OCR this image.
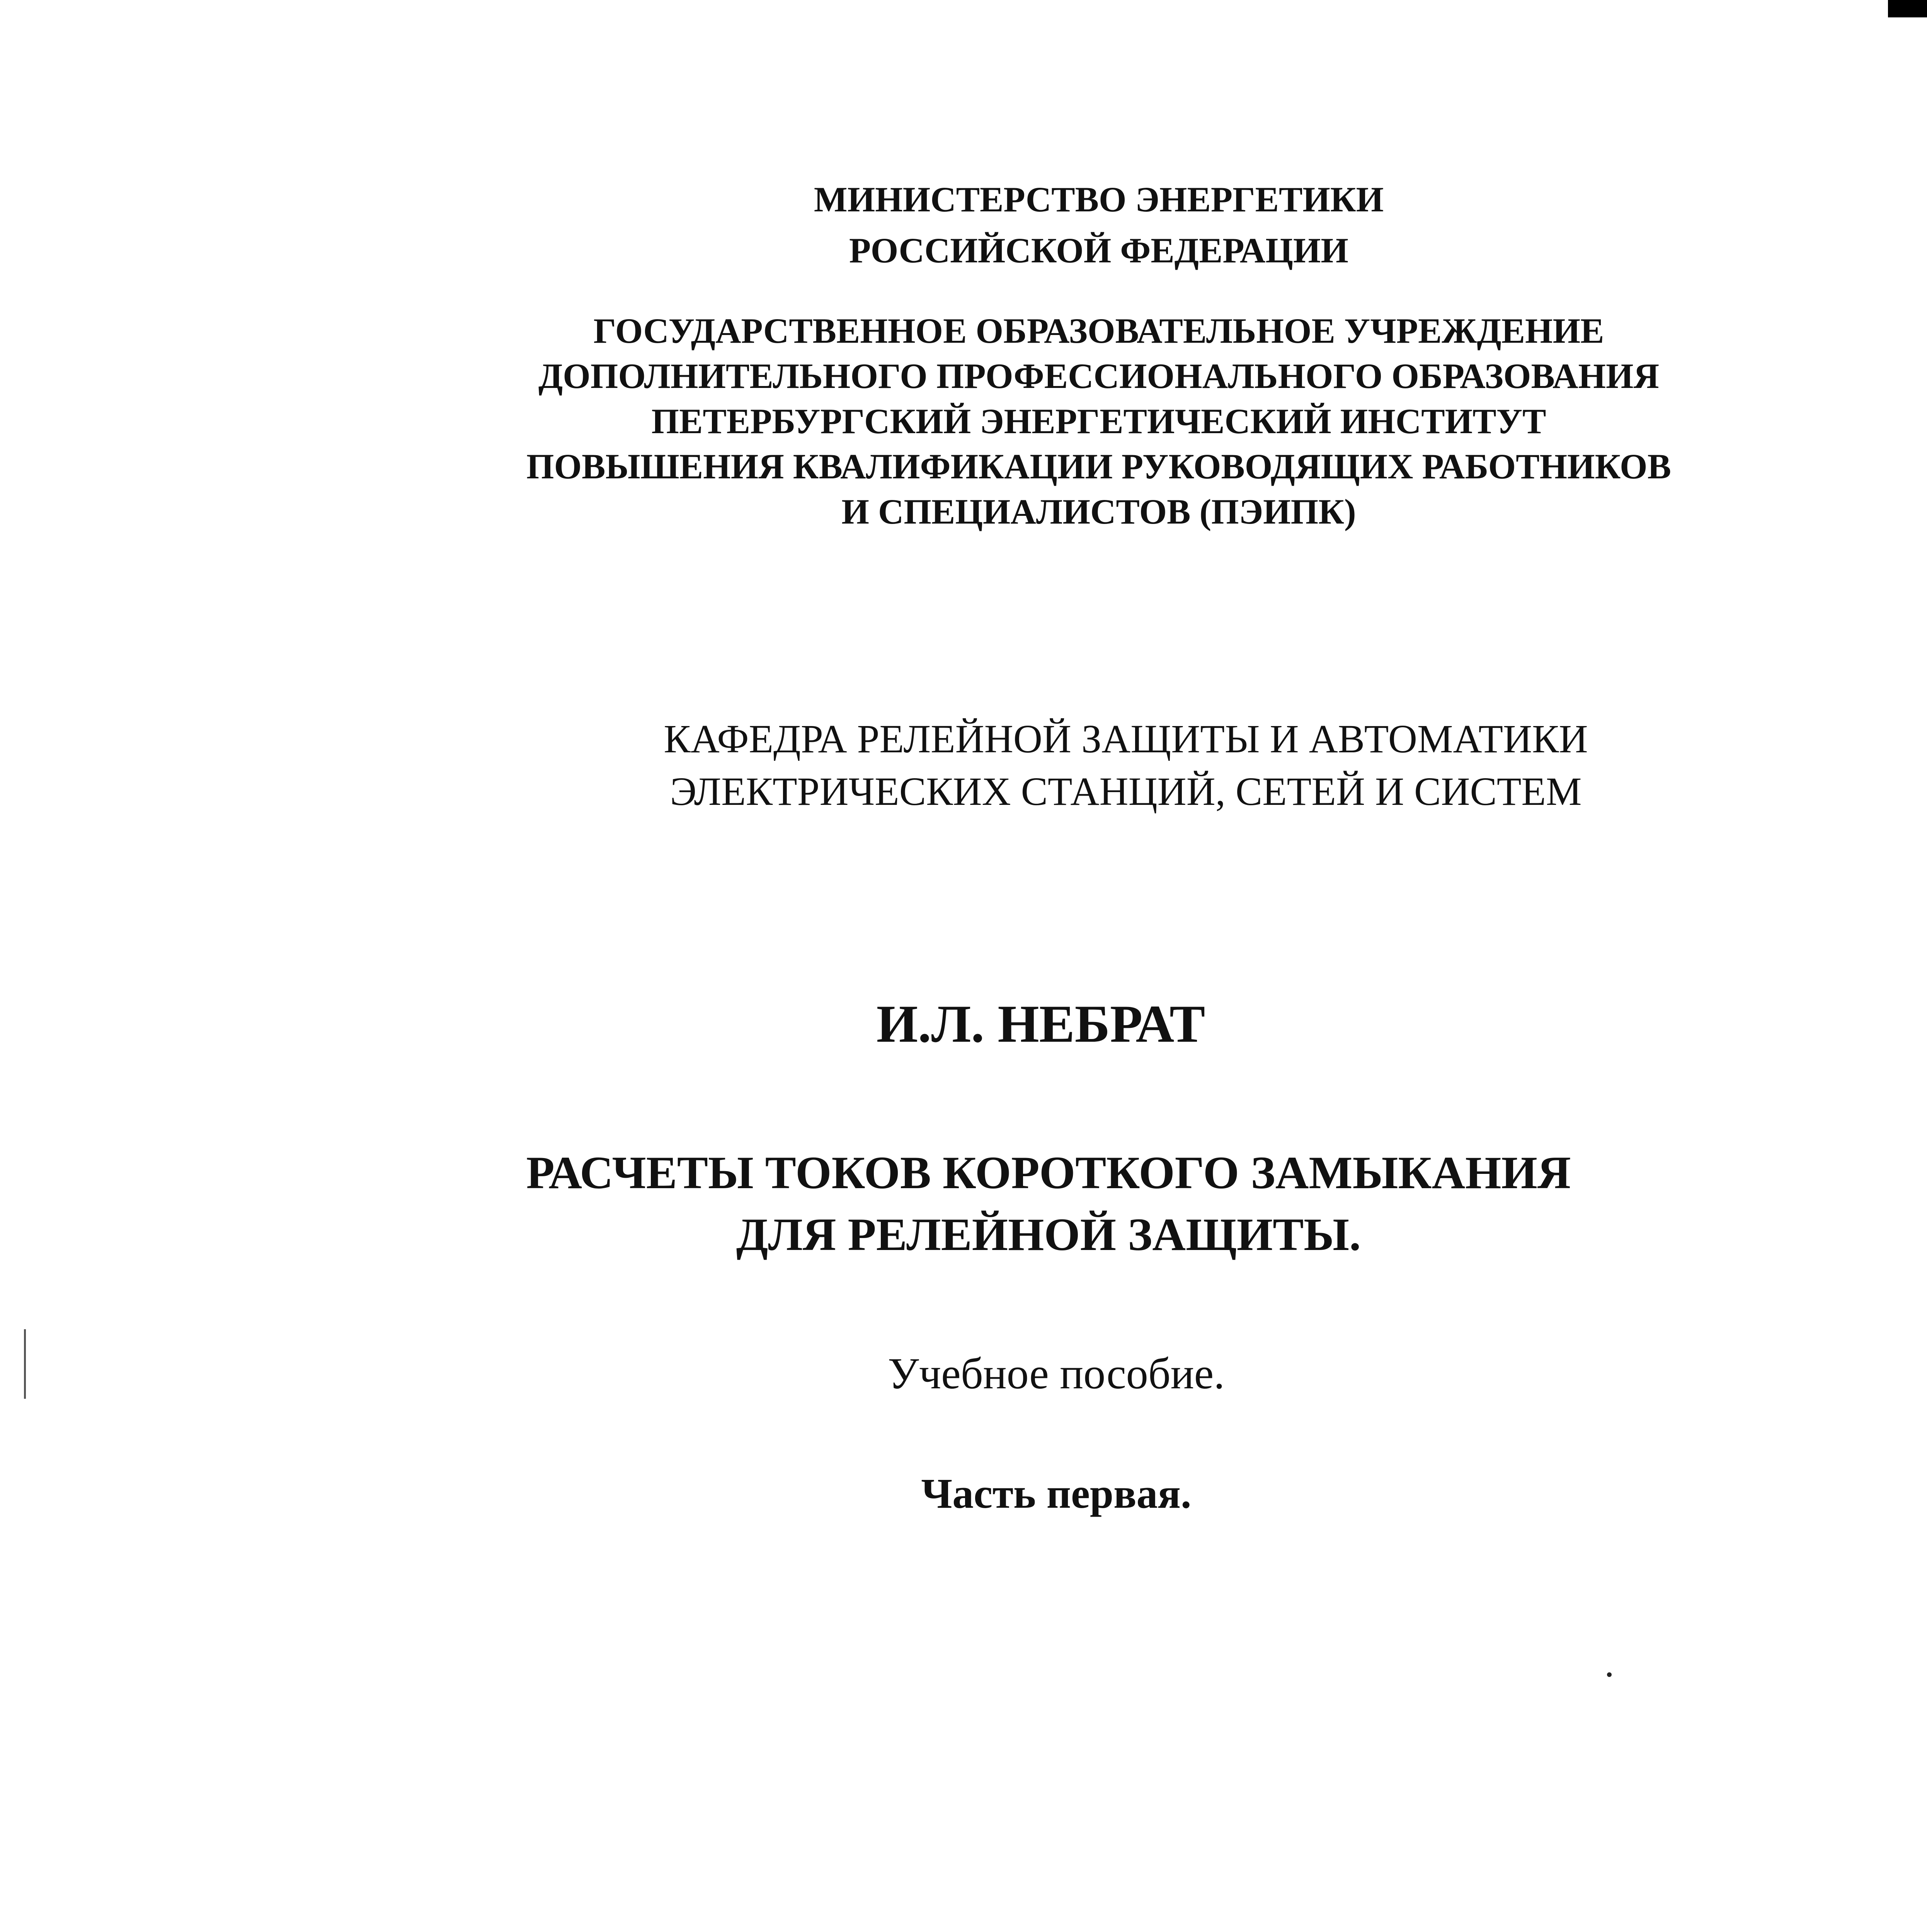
МИНИСТЕРСТВО ЭНЕРГЕТИКИ
РОССИЙСКОЙ ФЕДЕРАЦИИ
ГОСУДАРСТВЕННОЕ ОБРАЗОВАТЕЛЬНОЕ УЧРЕЖДЕНИЕ
ДОПОЛНИТЕЛЬНОГО ПРОФЕССИОНАЛЬНОГО ОБРАЗОВАНИЯ
ПЕТЕРБУРГСКИЙ ЭНЕРГЕТИЧЕСКИЙ ИНСТИТУТ
ПОВЫШЕНИЯ КВАЛИФИКАЦИИ РУКОВОДЯЩИХ РАБОТНИКОВ
И СПЕЦИАЛИСТОВ (ПЭИПК)
КАФЕДРА РЕЛЕЙНОЙ ЗАЩИТЫ И АВТОМАТИКИ
ЭЛЕКТРИЧЕСКИХ СТАНЦИЙ, СЕТЕЙ И СИСТЕМ
И.Л. НЕБРАТ
РАСЧЕТЫ ТОКОВ КОРОТКОГО ЗАМЫКАНИЯ
ДЛЯ РЕЛЕЙНОЙ ЗАЩИТЫ.
Учебное пособие.
Часть первая.
